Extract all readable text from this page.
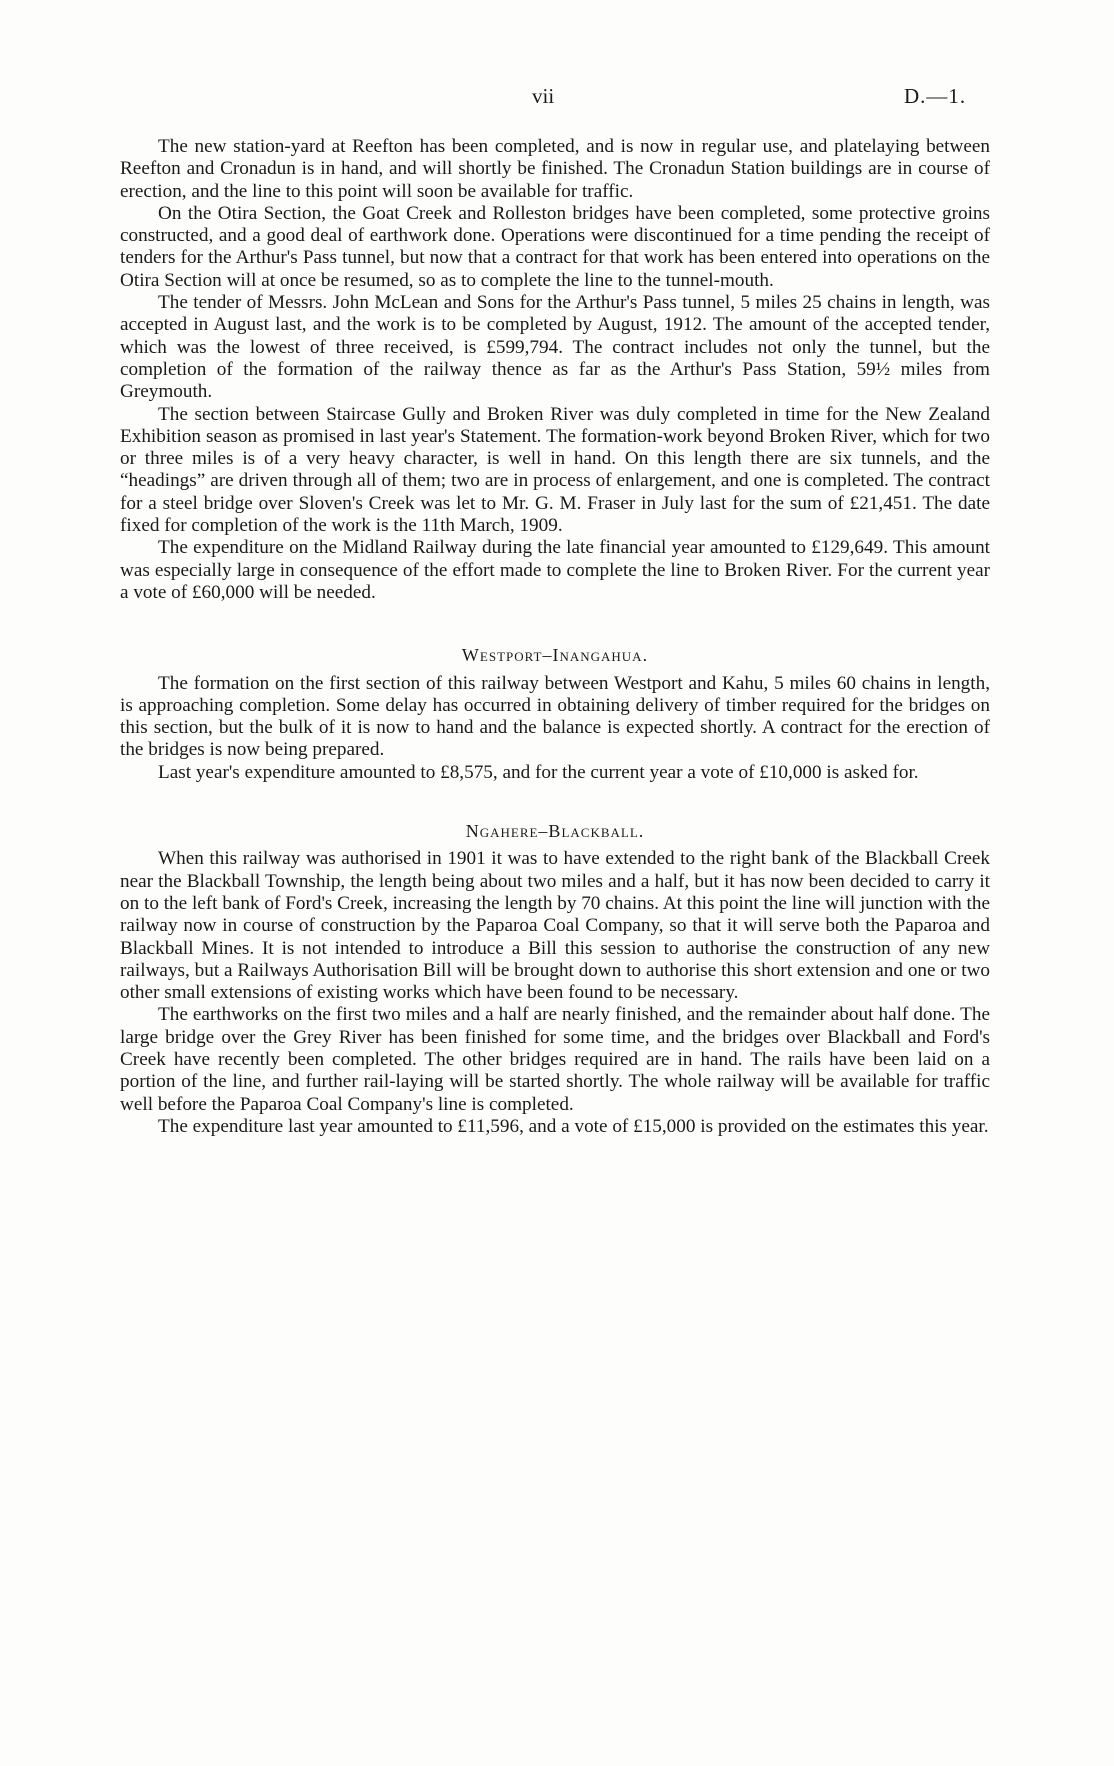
vii	D.—1.

The new station-yard at Reefton has been completed, and is now in regular use, and platelaying between Reefton and Cronadun is in hand, and will shortly be finished. The Cronadun Station buildings are in course of erection, and the line to this point will soon be available for traffic.

On the Otira Section, the Goat Creek and Rolleston bridges have been completed, some protective groins constructed, and a good deal of earthwork done. Operations were discontinued for a time pending the receipt of tenders for the Arthur's Pass tunnel, but now that a contract for that work has been entered into operations on the Otira Section will at once be resumed, so as to complete the line to the tunnel-mouth.

The tender of Messrs. John McLean and Sons for the Arthur's Pass tunnel, 5 miles 25 chains in length, was accepted in August last, and the work is to be completed by August, 1912. The amount of the accepted tender, which was the lowest of three received, is £599,794. The contract includes not only the tunnel, but the completion of the formation of the railway thence as far as the Arthur's Pass Station, 59½ miles from Greymouth.

The section between Staircase Gully and Broken River was duly completed in time for the New Zealand Exhibition season as promised in last year's Statement. The formation-work beyond Broken River, which for two or three miles is of a very heavy character, is well in hand. On this length there are six tunnels, and the “headings” are driven through all of them; two are in process of enlargement, and one is completed. The contract for a steel bridge over Sloven's Creek was let to Mr. G. M. Fraser in July last for the sum of £21,451. The date fixed for completion of the work is the 11th March, 1909.

The expenditure on the Midland Railway during the late financial year amounted to £129,649. This amount was especially large in consequence of the effort made to complete the line to Broken River. For the current year a vote of £60,000 will be needed.

Westport–Inangahua.

The formation on the first section of this railway between Westport and Kahu, 5 miles 60 chains in length, is approaching completion. Some delay has occurred in obtaining delivery of timber required for the bridges on this section, but the bulk of it is now to hand and the balance is expected shortly. A contract for the erection of the bridges is now being prepared.

Last year's expenditure amounted to £8,575, and for the current year a vote of £10,000 is asked for.

Ngahere–Blackball.

When this railway was authorised in 1901 it was to have extended to the right bank of the Blackball Creek near the Blackball Township, the length being about two miles and a half, but it has now been decided to carry it on to the left bank of Ford's Creek, increasing the length by 70 chains. At this point the line will junction with the railway now in course of construction by the Paparoa Coal Company, so that it will serve both the Paparoa and Blackball Mines. It is not intended to introduce a Bill this session to authorise the construction of any new railways, but a Railways Authorisation Bill will be brought down to authorise this short extension and one or two other small extensions of existing works which have been found to be necessary.

The earthworks on the first two miles and a half are nearly finished, and the remainder about half done. The large bridge over the Grey River has been finished for some time, and the bridges over Blackball and Ford's Creek have recently been completed. The other bridges required are in hand. The rails have been laid on a portion of the line, and further rail-laying will be started shortly. The whole railway will be available for traffic well before the Paparoa Coal Company's line is completed.

The expenditure last year amounted to £11,596, and a vote of £15,000 is provided on the estimates this year.
